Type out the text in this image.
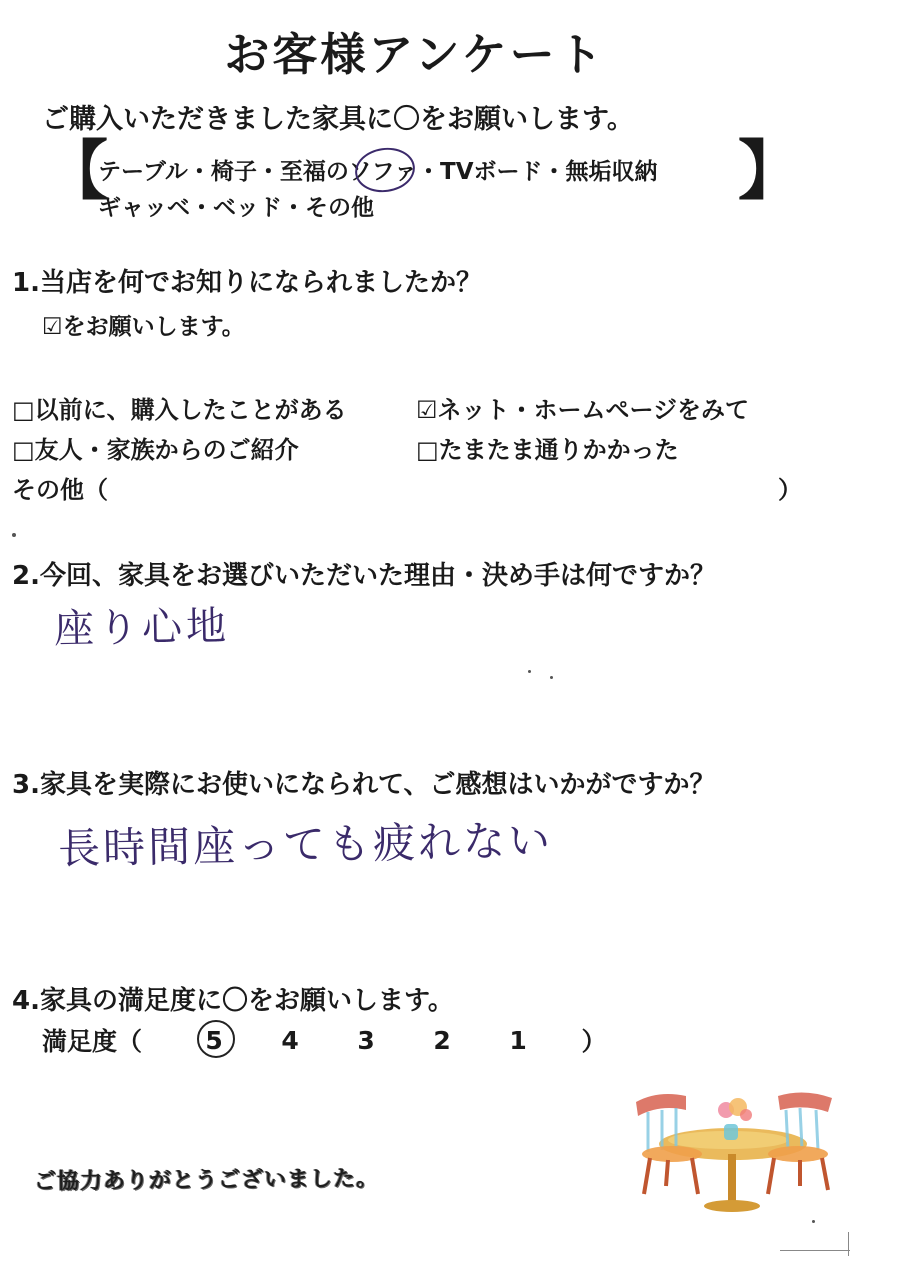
お客様アンケート
ご購入いただきました家具に〇をお願いします。
【	】
テーブル・椅子・至福のソファ・TVボード・無垢収納
ギャッベ・ベッド・その他
1.当店を何でお知りになられましたか？
☑をお願いします。
□以前に、購入したことがある	☑ネット・ホームページをみて
□友人・家族からのご紹介	□たまたま通りかかった
その他（	）
2.今回、家具をお選びいただいた理由・決め手は何ですか？
座り心地
3.家具を実際にお使いになられて、ご感想はいかがですか？
長時間座っても疲れない
4.家具の満足度に〇をお願いします。
満足度（	5	4	3	2	1	）
ご協力ありがとうございました。
